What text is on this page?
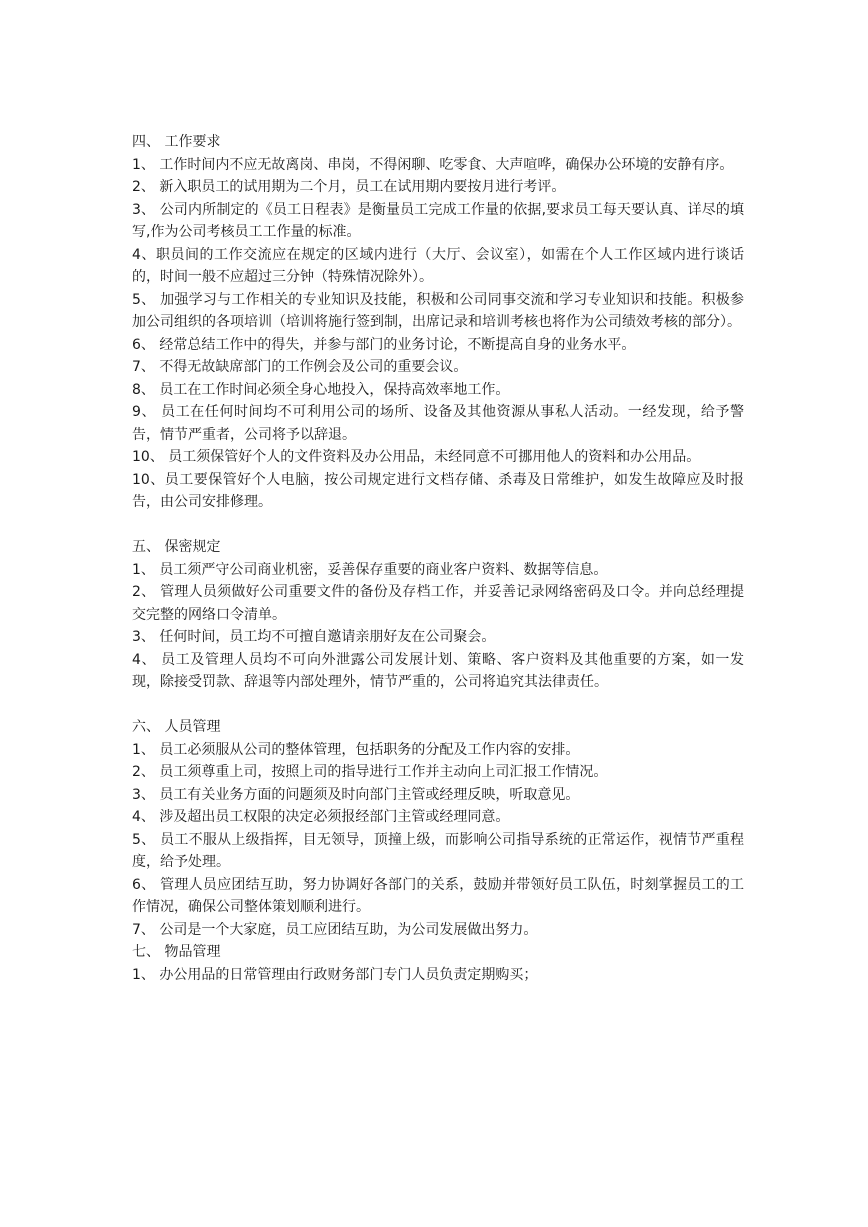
四、 工作要求

1、 工作时间内不应无故离岗、串岗，不得闲聊、吃零食、大声喧哗，确保办公环境的安静有序。

2、 新入职员工的试用期为二个月，员工在试用期内要按月进行考评。

3、 公司内所制定的《员工日程表》是衡量员工完成工作量的依据,要求员工每天要认真、详尽的填写,作为公司考核员工工作量的标准。

4、职员间的工作交流应在规定的区域内进行（大厅、会议室），如需在个人工作区域内进行谈话的，时间一般不应超过三分钟（特殊情况除外）。

5、 加强学习与工作相关的专业知识及技能，积极和公司同事交流和学习专业知识和技能。积极参加公司组织的各项培训（培训将施行签到制，出席记录和培训考核也将作为公司绩效考核的部分）。

6、 经常总结工作中的得失，并参与部门的业务讨论，不断提高自身的业务水平。

7、 不得无故缺席部门的工作例会及公司的重要会议。

8、 员工在工作时间必须全身心地投入，保持高效率地工作。

9、 员工在任何时间均不可利用公司的场所、设备及其他资源从事私人活动。一经发现，给予警告，情节严重者，公司将予以辞退。

10、 员工须保管好个人的文件资料及办公用品，未经同意不可挪用他人的资料和办公用品。

10、员工要保管好个人电脑，按公司规定进行文档存储、杀毒及日常维护，如发生故障应及时报告，由公司安排修理。

五、 保密规定

1、 员工须严守公司商业机密，妥善保存重要的商业客户资料、数据等信息。

2、 管理人员须做好公司重要文件的备份及存档工作，并妥善记录网络密码及口令。并向总经理提交完整的网络口令清单。

3、 任何时间，员工均不可擅自邀请亲朋好友在公司聚会。

4、 员工及管理人员均不可向外泄露公司发展计划、策略、客户资料及其他重要的方案，如一发现，除接受罚款、辞退等内部处理外，情节严重的，公司将追究其法律责任。

六、 人员管理

1、 员工必须服从公司的整体管理，包括职务的分配及工作内容的安排。

2、 员工须尊重上司，按照上司的指导进行工作并主动向上司汇报工作情况。

3、 员工有关业务方面的问题须及时向部门主管或经理反映，听取意见。

4、 涉及超出员工权限的决定必须报经部门主管或经理同意。

5、 员工不服从上级指挥，目无领导，顶撞上级，而影响公司指导系统的正常运作，视情节严重程度，给予处理。

6、 管理人员应团结互助，努力协调好各部门的关系，鼓励并带领好员工队伍，时刻掌握员工的工作情况，确保公司整体策划顺利进行。

7、 公司是一个大家庭，员工应团结互助，为公司发展做出努力。

七、 物品管理

1、 办公用品的日常管理由行政财务部门专门人员负责定期购买；
